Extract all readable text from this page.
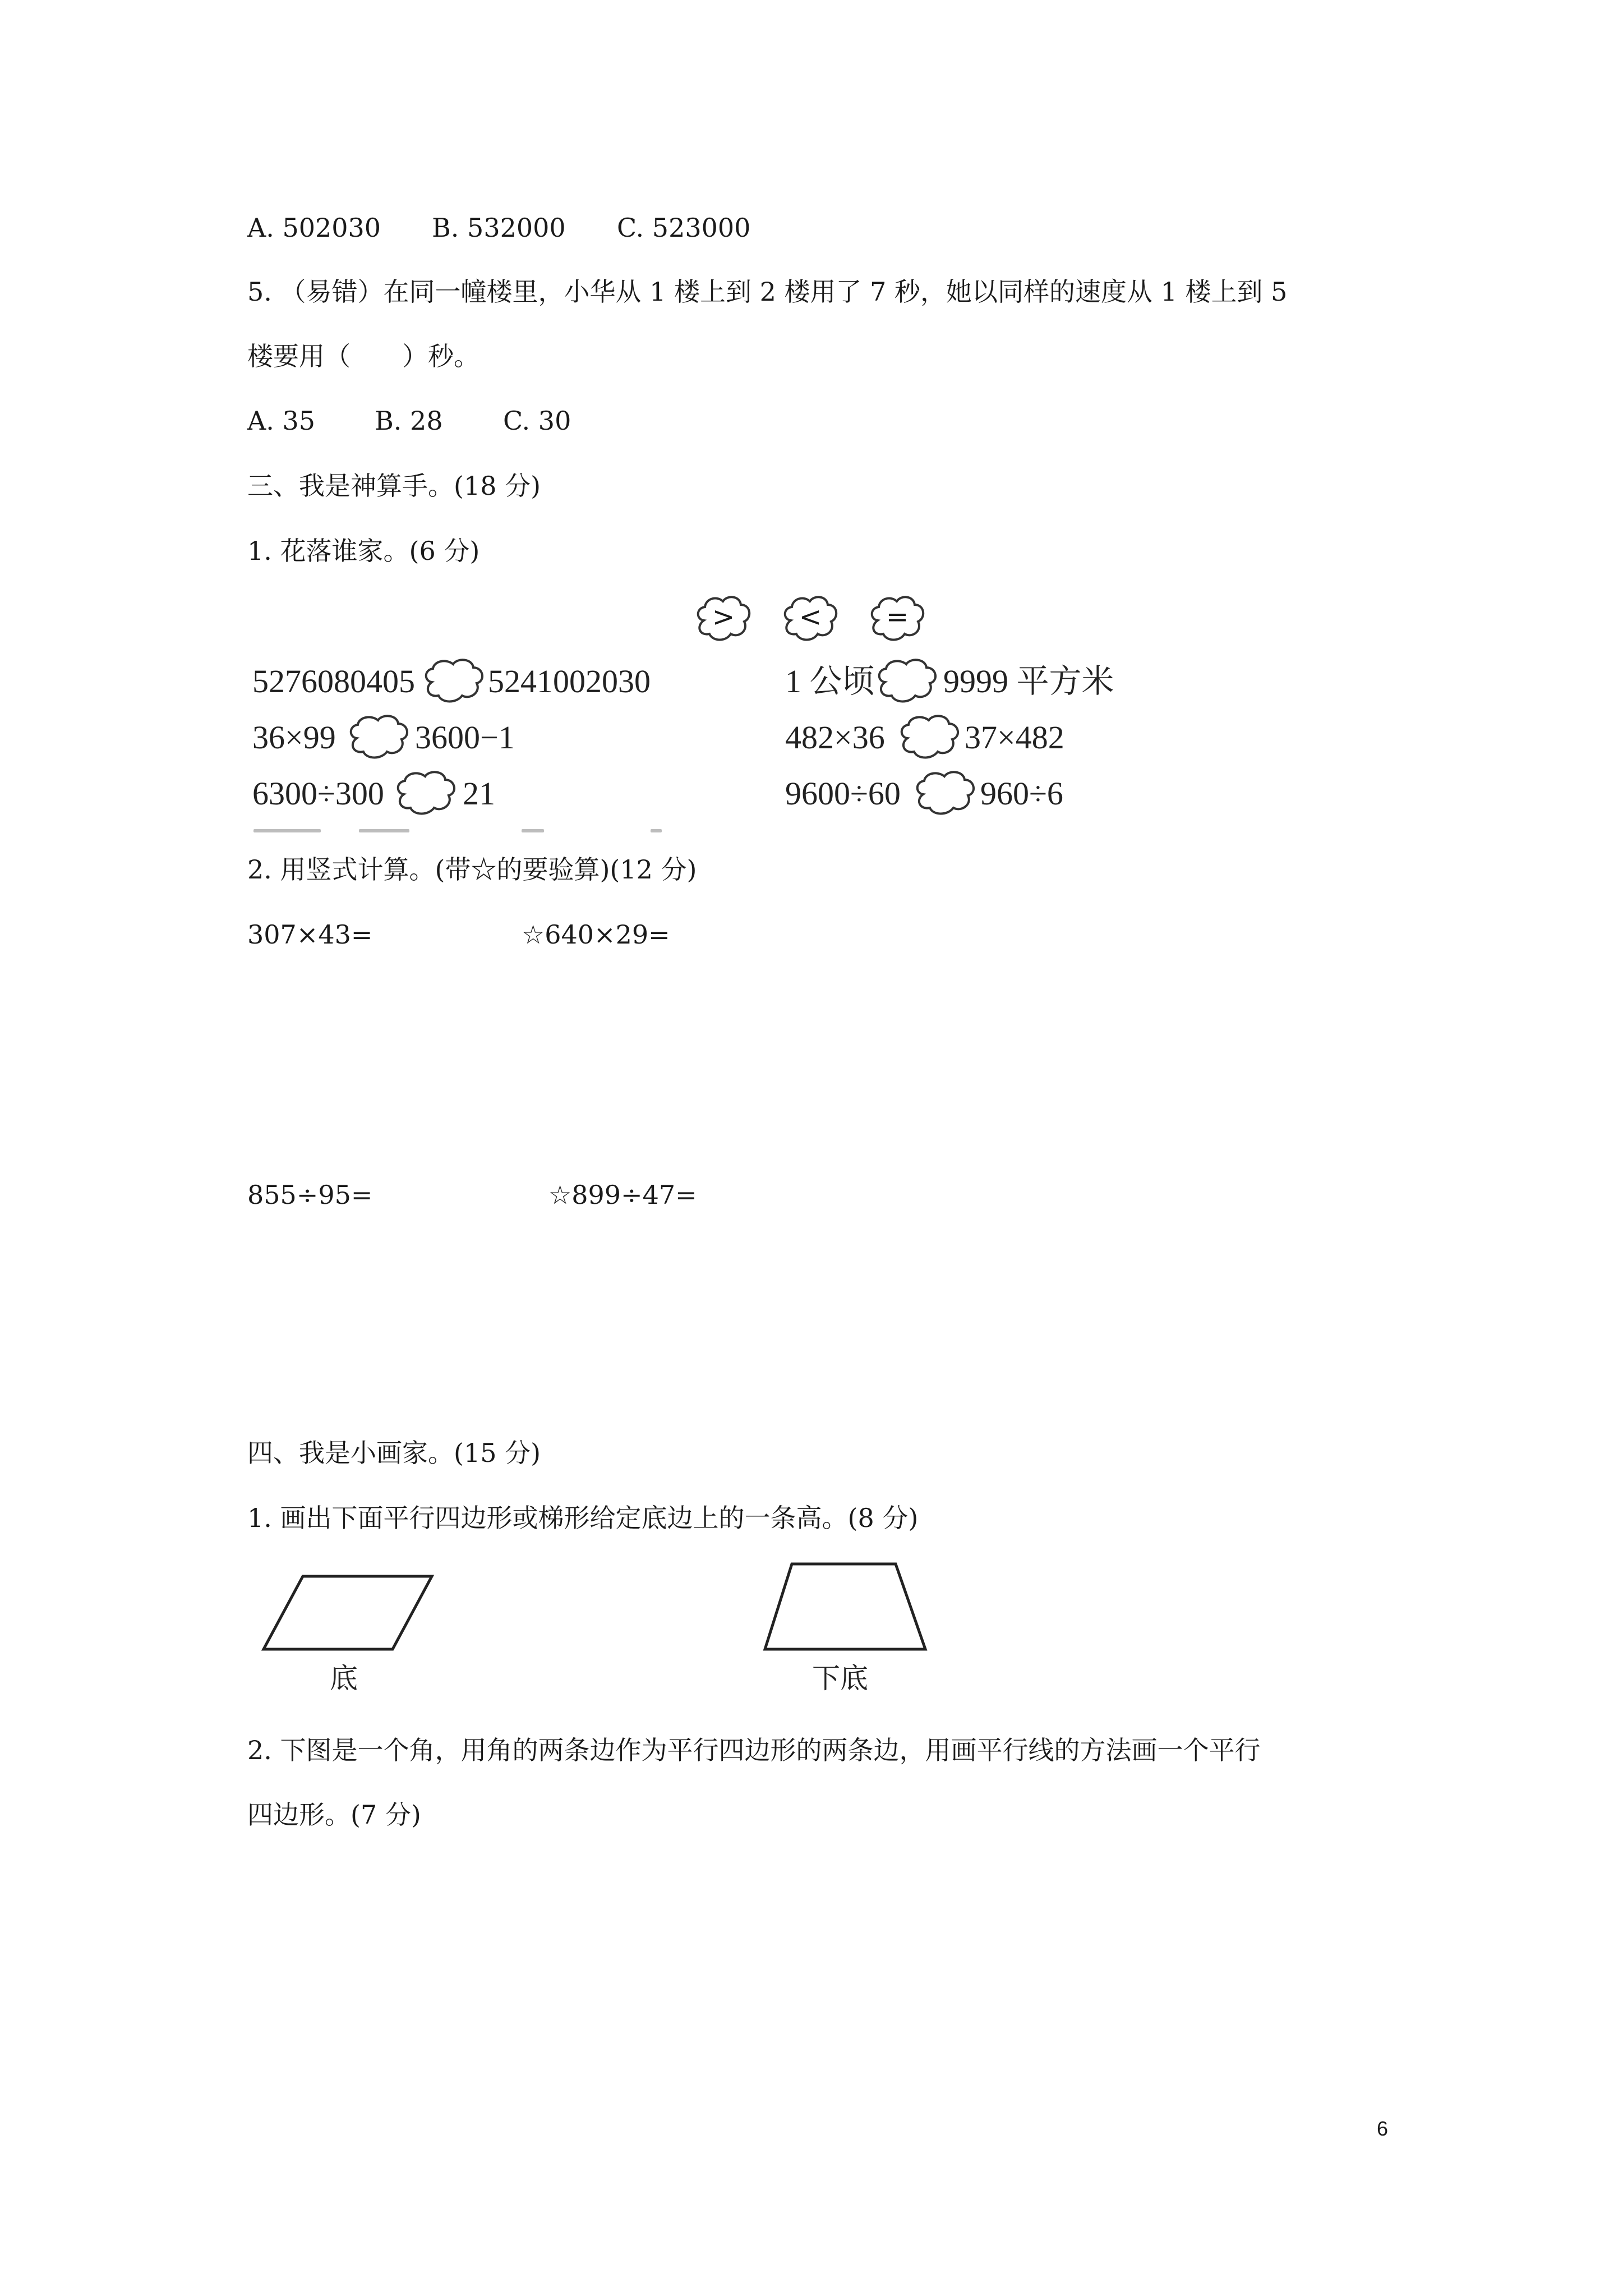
A. 502030 B. 532000 C. 523000
5. （易错）在同一幢楼里，小华从 1 楼上到 2 楼用了 7 秒，她以同样的速度从 1 楼上到 5
楼要用（　　）秒。
A. 35 B. 28 C. 30
三、我是神算手。(18 分)
1. 花落谁家。(6 分)
>	<	=
5276080405 5241002030
36×99 3600−1
6300÷300 21
1 公顷 9999 平方米
482×36 37×482
9600÷60 960÷6
2. 用竖式计算。(带☆的要验算)(12 分)
307×43=	☆640×29=
855÷95=	☆899÷47=
四、我是小画家。(15 分)
1. 画出下面平行四边形或梯形给定底边上的一条高。(8 分)
底	下底
2. 下图是一个角，用角的两条边作为平行四边形的两条边，用画平行线的方法画一个平行
四边形。(7 分)
6
